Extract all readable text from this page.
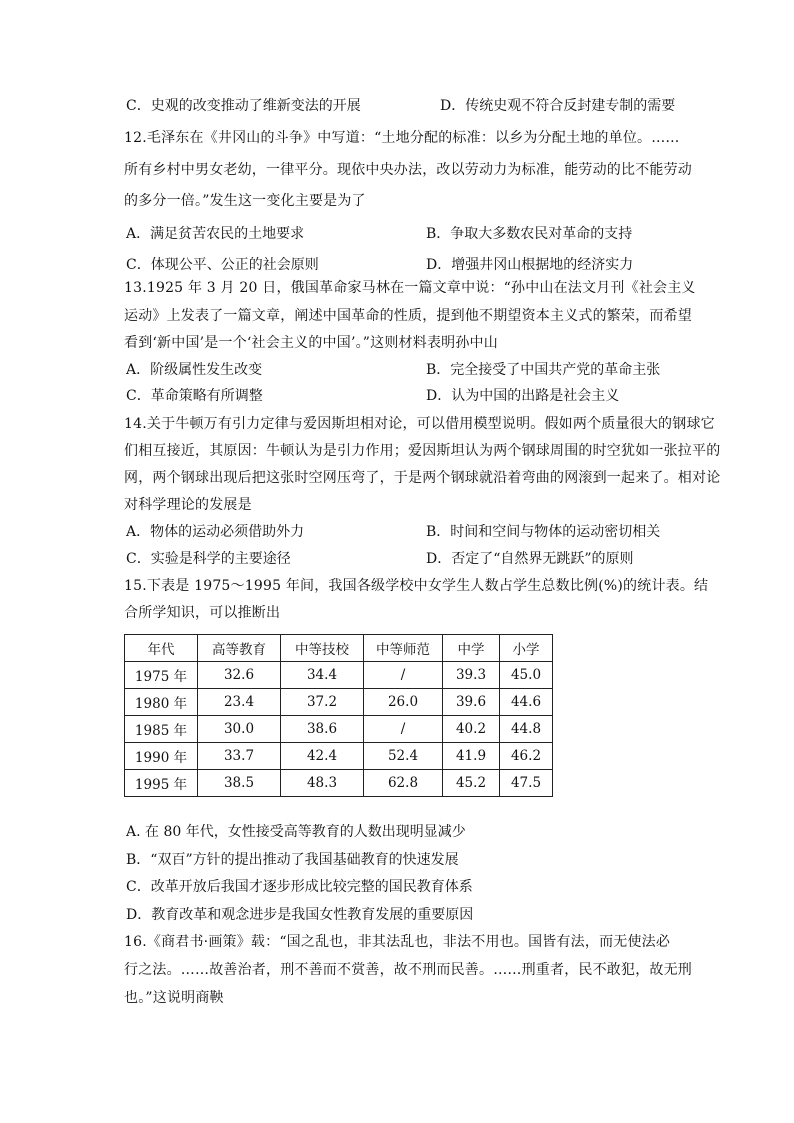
C．史观的改变推动了维新变法的开展	D．传统史观不符合反封建专制的需要
12.毛泽东在《井冈山的斗争》中写道：“土地分配的标准：以乡为分配土地的单位。……
所有乡村中男女老幼，一律平分。现依中央办法，改以劳动力为标准，能劳动的比不能劳动
的多分一倍。”发生这一变化主要是为了
A．满足贫苦农民的土地要求	B．争取大多数农民对革命的支持
C．体现公平、公正的社会原则	D．增强井冈山根据地的经济实力
13.1925 年 3 月 20 日，俄国革命家马林在一篇文章中说：“孙中山在法文月刊《社会主义
运动》上发表了一篇文章，阐述中国革命的性质，提到他不期望资本主义式的繁荣，而希望
看到‘新中国’是一个‘社会主义的中国’。”这则材料表明孙中山
A．阶级属性发生改变	B．完全接受了中国共产党的革命主张
C．革命策略有所调整	D．认为中国的出路是社会主义
14.关于牛顿万有引力定律与爱因斯坦相对论，可以借用模型说明。假如两个质量很大的钢球它
们相互接近，其原因：牛顿认为是引力作用；爱因斯坦认为两个钢球周围的时空犹如一张拉平的
网，两个钢球出现后把这张时空网压弯了，于是两个钢球就沿着弯曲的网滚到一起来了。相对论
对科学理论的发展是
A．物体的运动必须借助外力	B．时间和空间与物体的运动密切相关
C．实验是科学的主要途径	D．否定了“自然界无跳跃”的原则
15.下表是 1975～1995 年间，我国各级学校中女学生人数占学生总数比例(%)的统计表。结
合所学知识，可以推断出
年代	高等教育	中等技校	中等师范	中学	小学
1975 年	32.6	34.4	/	39.3	45.0
1980 年	23.4	37.2	26.0	39.6	44.6
1985 年	30.0	38.6	/	40.2	44.8
1990 年	33.7	42.4	52.4	41.9	46.2
1995 年	38.5	48.3	62.8	45.2	47.5
A. 在 80 年代，女性接受高等教育的人数出现明显减少
B．“双百”方针的提出推动了我国基础教育的快速发展
C．改革开放后我国才逐步形成比较完整的国民教育体系
D．教育改革和观念进步是我国女性教育发展的重要原因
16.《商君书·画策》载：“国之乱也，非其法乱也，非法不用也。国皆有法，而无使法必
行之法。……故善治者，刑不善而不赏善，故不刑而民善。……刑重者，民不敢犯，故无刑
也。”这说明商鞅
